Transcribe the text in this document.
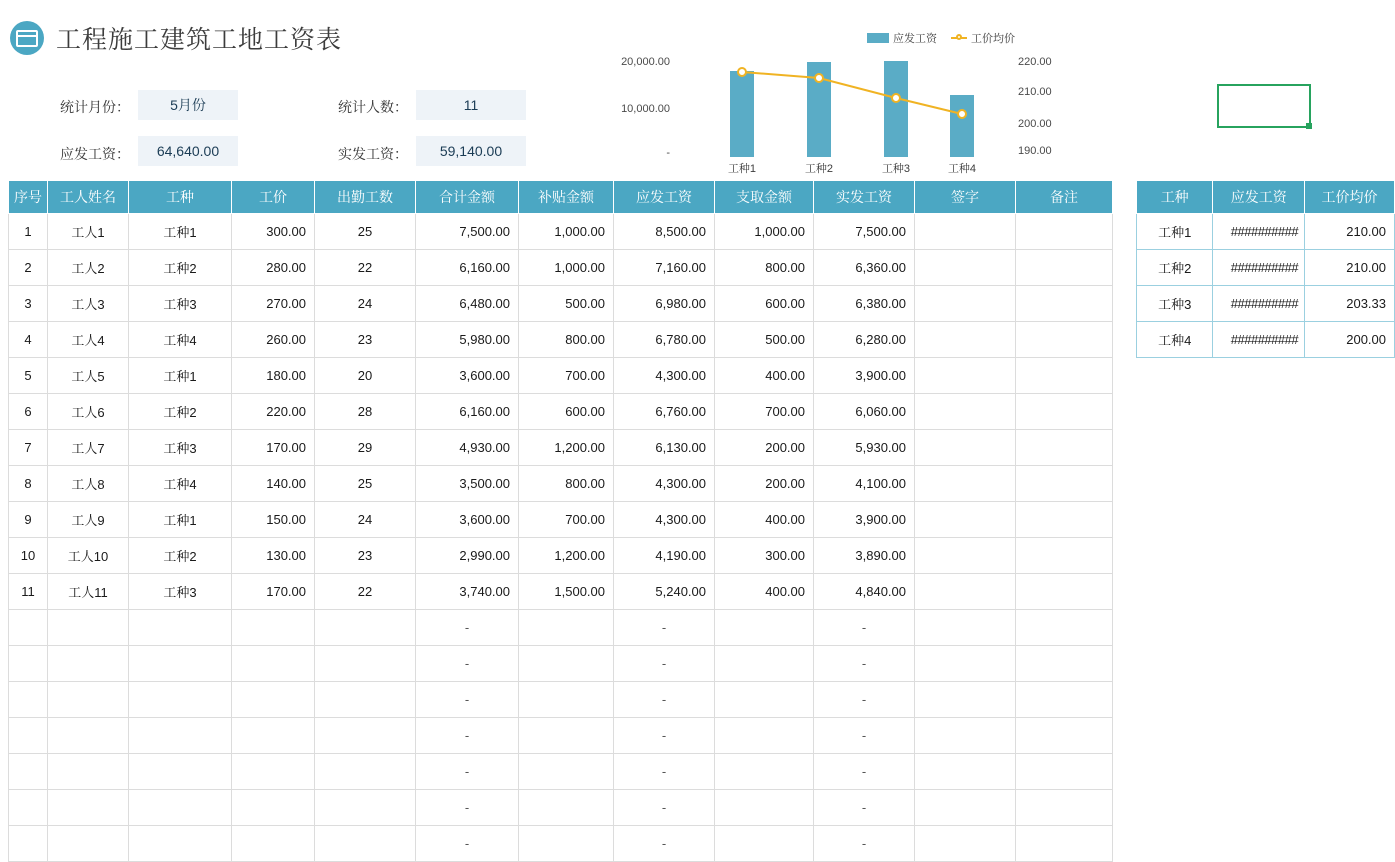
工程施工建筑工地工资表
统计月份：	5月份	统计人数：	11
应发工资：	64,640.00	实发工资：	59,140.00
应发工资	工价均价
20,000.00
10,000.00
-
220.00
210.00
200.00
190.00
工种1	工种2	工种3	工种4
序号	工人姓名	工种	工价	出勤工数	合计金额	补贴金额	应发工资	支取金额	实发工资	签字	备注
1	工人1	工种1	300.00	25	7,500.00	1,000.00	8,500.00	1,000.00	7,500.00		
2	工人2	工种2	280.00	22	6,160.00	1,000.00	7,160.00	800.00	6,360.00		
3	工人3	工种3	270.00	24	6,480.00	500.00	6,980.00	600.00	6,380.00		
4	工人4	工种4	260.00	23	5,980.00	800.00	6,780.00	500.00	6,280.00		
5	工人5	工种1	180.00	20	3,600.00	700.00	4,300.00	400.00	3,900.00		
6	工人6	工种2	220.00	28	6,160.00	600.00	6,760.00	700.00	6,060.00		
7	工人7	工种3	170.00	29	4,930.00	1,200.00	6,130.00	200.00	5,930.00		
8	工人8	工种4	140.00	25	3,500.00	800.00	4,300.00	200.00	4,100.00		
9	工人9	工种1	150.00	24	3,600.00	700.00	4,300.00	400.00	3,900.00		
10	工人10	工种2	130.00	23	2,990.00	1,200.00	4,190.00	300.00	3,890.00		
11	工人11	工种3	170.00	22	3,740.00	1,500.00	5,240.00	400.00	4,840.00		
					-		-		-		
					-		-		-		
					-		-		-		
					-		-		-		
					-		-		-		
					-		-		-		
					-		-		-		
工种	应发工资	工价均价
工种1	##########	210.00
工种2	##########	210.00
工种3	##########	203.33
工种4	##########	200.00
